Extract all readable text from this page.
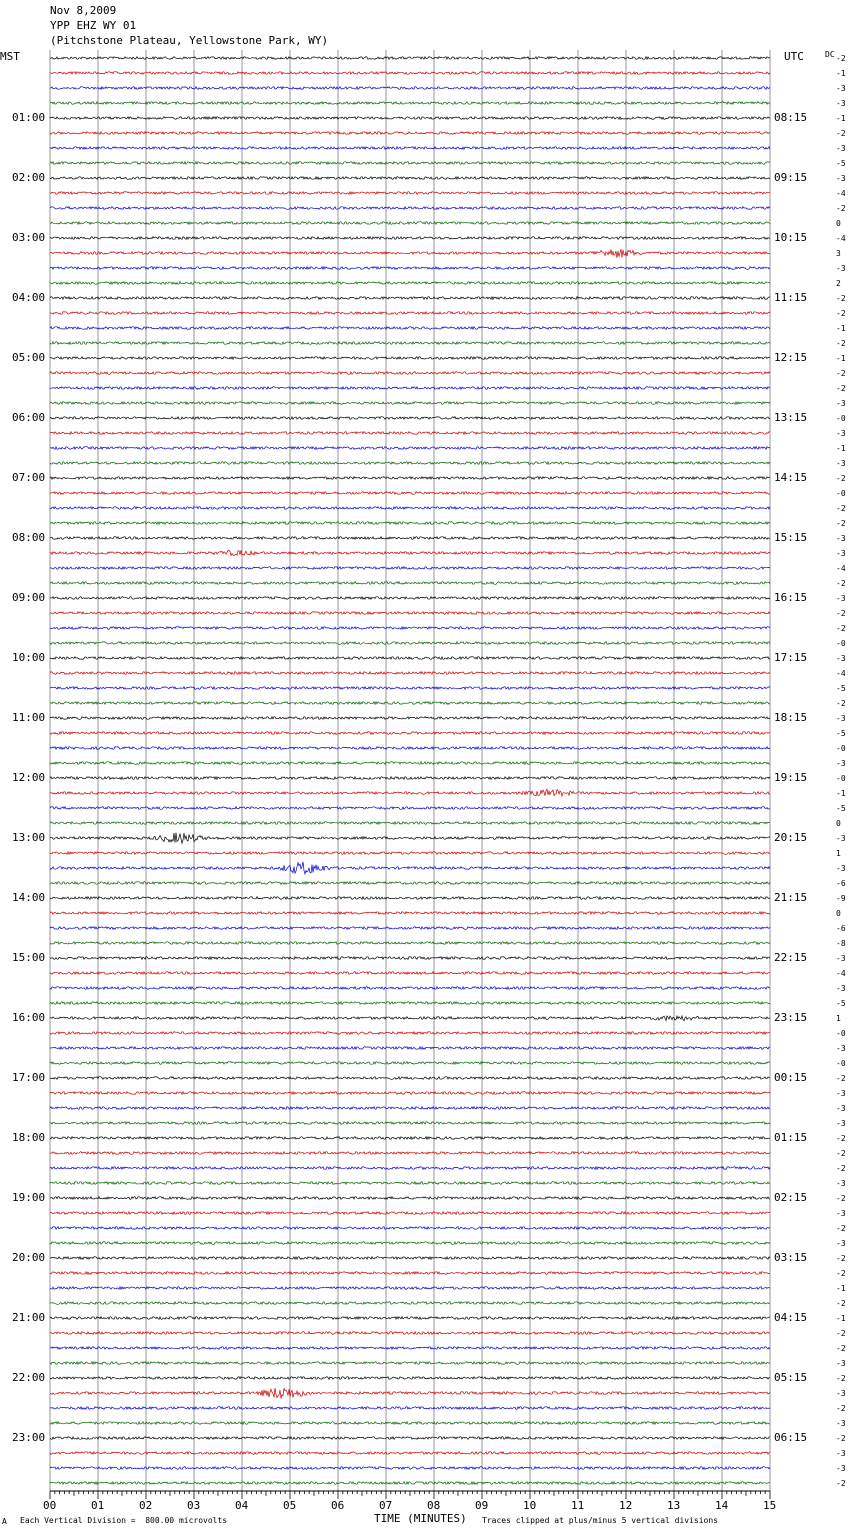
Nov 8,2009
YPP EHZ WY 01
(Pitchstone Plateau, Yellowstone Park, WY)
MST	UTC	DC
01:00
02:00
03:00
04:00
05:00
06:00
07:00
08:00
09:00
10:00
11:00
12:00
13:00
14:00
15:00
16:00
17:00
18:00
19:00
20:00
21:00
22:00
23:00
08:15
09:15
10:15
11:15
12:15
13:15
14:15
15:15
16:15
17:15
18:15
19:15
20:15
21:15
22:15
23:15
00:15
01:15
02:15
03:15
04:15
05:15
06:15
-2
-1
-3
-3
-1
-2
-3
-5
-3
-4
-2
0
-4
3
-3
2
-2
-2
-1
-2
-1
-2
-2
-3
-0
-3
-1
-3
-2
-0
-2
-2
-3
-3
-4
-2
-3
-2
-2
-0
-3
-4
-5
-2
-3
-5
-0
-3
-0
-1
-5
0
-3
1
-3
-6
-9
0
-6
-8
-3
-4
-3
-5
1
-0
-3
-0
-2
-3
-3
-3
-2
-2
-2
-3
-2
-3
-2
-3
-2
-2
-1
-2
-1
-2
-2
-3
-2
-3
-2
-3
-2
-3
-3
-2
00	01	02	03	04	05	06	07	08	09	10	11	12	13	14	15
A Each Vertical Division =  800.00 microvolts	TIME (MINUTES) Traces clipped at plus/minus 5 vertical divisions
